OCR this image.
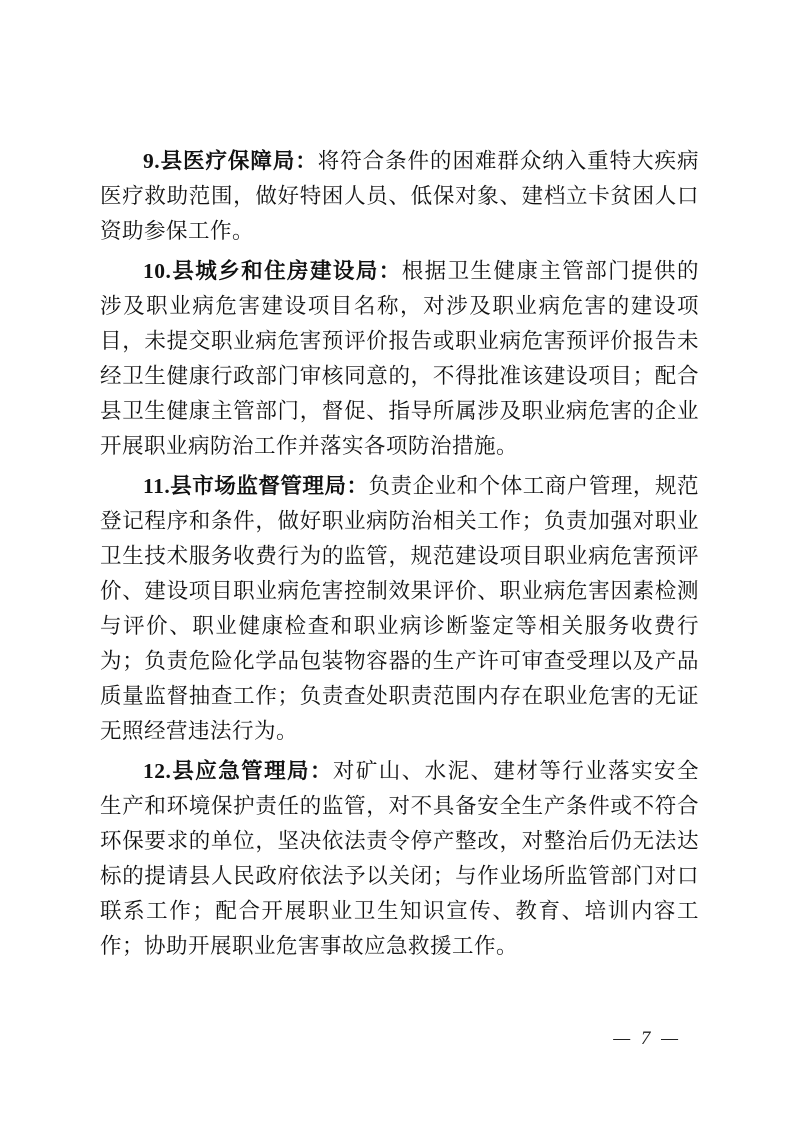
9.县医疗保障局：将符合条件的困难群众纳入重特大疾病医疗救助范围，做好特困人员、低保对象、建档立卡贫困人口资助参保工作。

10.县城乡和住房建设局：根据卫生健康主管部门提供的涉及职业病危害建设项目名称，对涉及职业病危害的建设项目，未提交职业病危害预评价报告或职业病危害预评价报告未经卫生健康行政部门审核同意的，不得批准该建设项目；配合县卫生健康主管部门，督促、指导所属涉及职业病危害的企业开展职业病防治工作并落实各项防治措施。

11.县市场监督管理局：负责企业和个体工商户管理，规范登记程序和条件，做好职业病防治相关工作；负责加强对职业卫生技术服务收费行为的监管，规范建设项目职业病危害预评价、建设项目职业病危害控制效果评价、职业病危害因素检测与评价、职业健康检查和职业病诊断鉴定等相关服务收费行为；负责危险化学品包装物容器的生产许可审查受理以及产品质量监督抽查工作；负责查处职责范围内存在职业危害的无证无照经营违法行为。

12.县应急管理局：对矿山、水泥、建材等行业落实安全生产和环境保护责任的监管，对不具备安全生产条件或不符合环保要求的单位，坚决依法责令停产整改，对整治后仍无法达标的提请县人民政府依法予以关闭；与作业场所监管部门对口联系工作；配合开展职业卫生知识宣传、教育、培训内容工作；协助开展职业危害事故应急救援工作。

— 7 —
